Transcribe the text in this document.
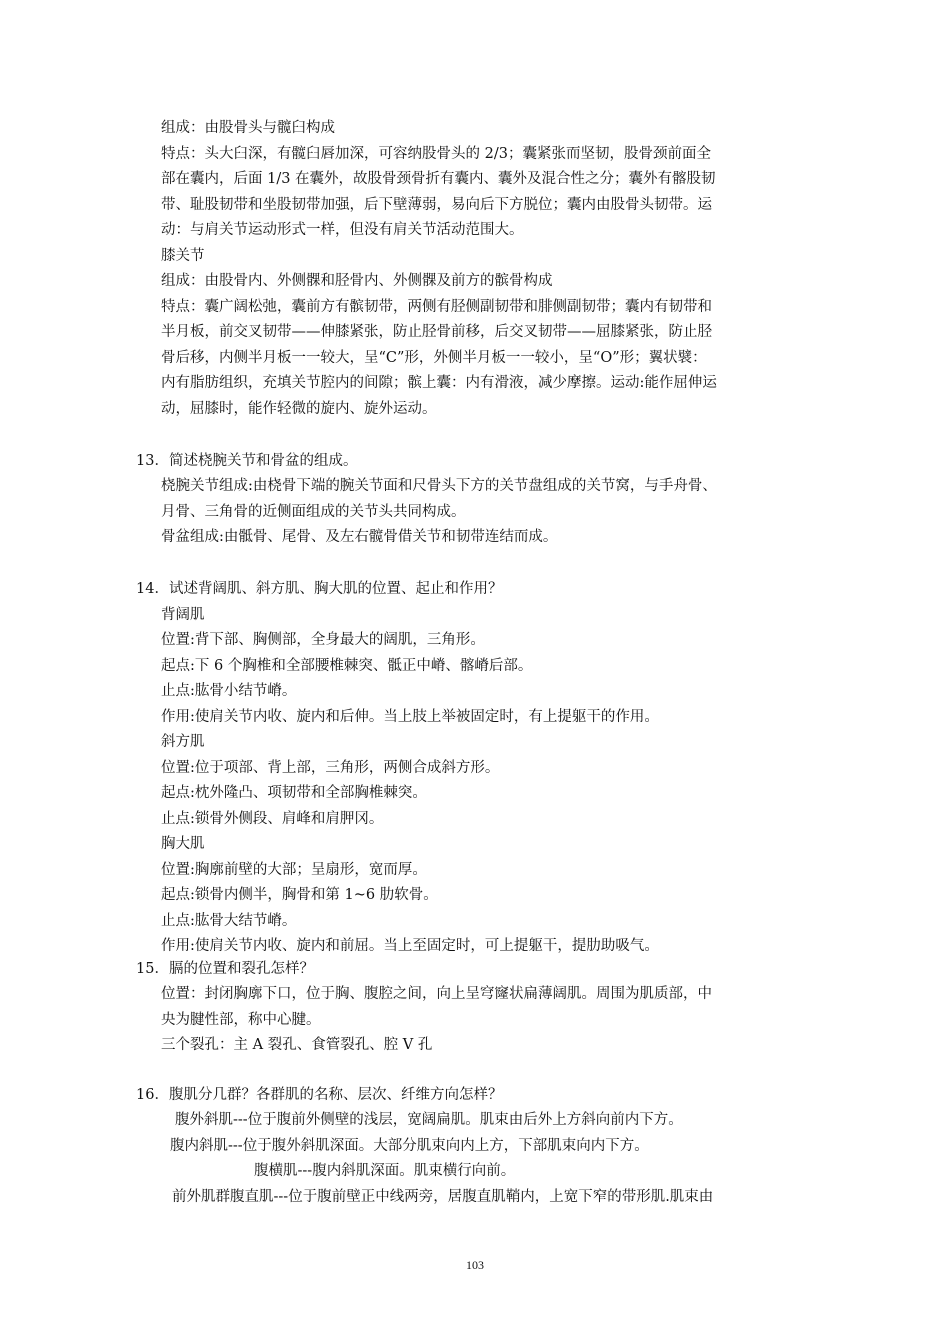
组成：由股骨头与髋臼构成
特点：头大臼深，有髋臼唇加深，可容纳股骨头的 2/3；囊紧张而坚韧，股骨颈前面全
部在囊内，后面 1/3 在囊外，故股骨颈骨折有囊内、囊外及混合性之分；囊外有髂股韧
带、耻股韧带和坐股韧带加强，后下壁薄弱，易向后下方脱位；囊内由股骨头韧带。运
动：与肩关节运动形式一样，但没有肩关节活动范围大。
膝关节
组成：由股骨内、外侧髁和胫骨内、外侧髁及前方的髌骨构成
特点：囊广阔松弛，囊前方有髌韧带，两侧有胫侧副韧带和腓侧副韧带；囊内有韧带和
半月板，前交叉韧带——伸膝紧张，防止胫骨前移，后交叉韧带——屈膝紧张，防止胫
骨后移，内侧半月板一一较大，呈“C”形，外侧半月板一一较小，呈“O”形；翼状襞：
内有脂肪组织，充填关节腔内的间隙；髌上囊：内有滑液，减少摩擦。运动:能作屈伸运
动，屈膝时，能作轻微的旋内、旋外运动。
13．简述桡腕关节和骨盆的组成。
桡腕关节组成:由桡骨下端的腕关节面和尺骨头下方的关节盘组成的关节窝，与手舟骨、
月骨、三角骨的近侧面组成的关节头共同构成。
骨盆组成:由骶骨、尾骨、及左右髋骨借关节和韧带连结而成。
14．试述背阔肌、斜方肌、胸大肌的位置、起止和作用？
背阔肌
位置:背下部、胸侧部，全身最大的阔肌，三角形。
起点:下 6 个胸椎和全部腰椎棘突、骶正中嵴、髂嵴后部。
止点:肱骨小结节嵴。
作用:使肩关节内收、旋内和后伸。当上肢上举被固定时，有上提躯干的作用。
斜方肌
位置:位于项部、背上部，三角形，两侧合成斜方形。
起点:枕外隆凸、项韧带和全部胸椎棘突。
止点:锁骨外侧段、肩峰和肩胛冈。
胸大肌
位置:胸廓前壁的大部；呈扇形，宽而厚。
起点:锁骨内侧半，胸骨和第 1~6 肋软骨。
止点:肱骨大结节嵴。
作用:使肩关节内收、旋内和前屈。当上至固定时，可上提躯干，提肋助吸气。
15．膈的位置和裂孔怎样？
位置：封闭胸廓下口，位于胸、腹腔之间，向上呈穹窿状扁薄阔肌。周围为肌质部，中
央为腱性部，称中心腱。
三个裂孔：主 A 裂孔、食管裂孔、腔 V 孔
16．腹肌分几群？各群肌的名称、层次、纤维方向怎样？
腹外斜肌---位于腹前外侧壁的浅层，宽阔扁肌。肌束由后外上方斜向前内下方。
腹内斜肌---位于腹外斜肌深面。大部分肌束向内上方，下部肌束向内下方。
腹横肌---腹内斜肌深面。肌束横行向前。
前外肌群腹直肌---位于腹前壁正中线两旁，居腹直肌鞘内，上宽下窄的带形肌.肌束由
103
